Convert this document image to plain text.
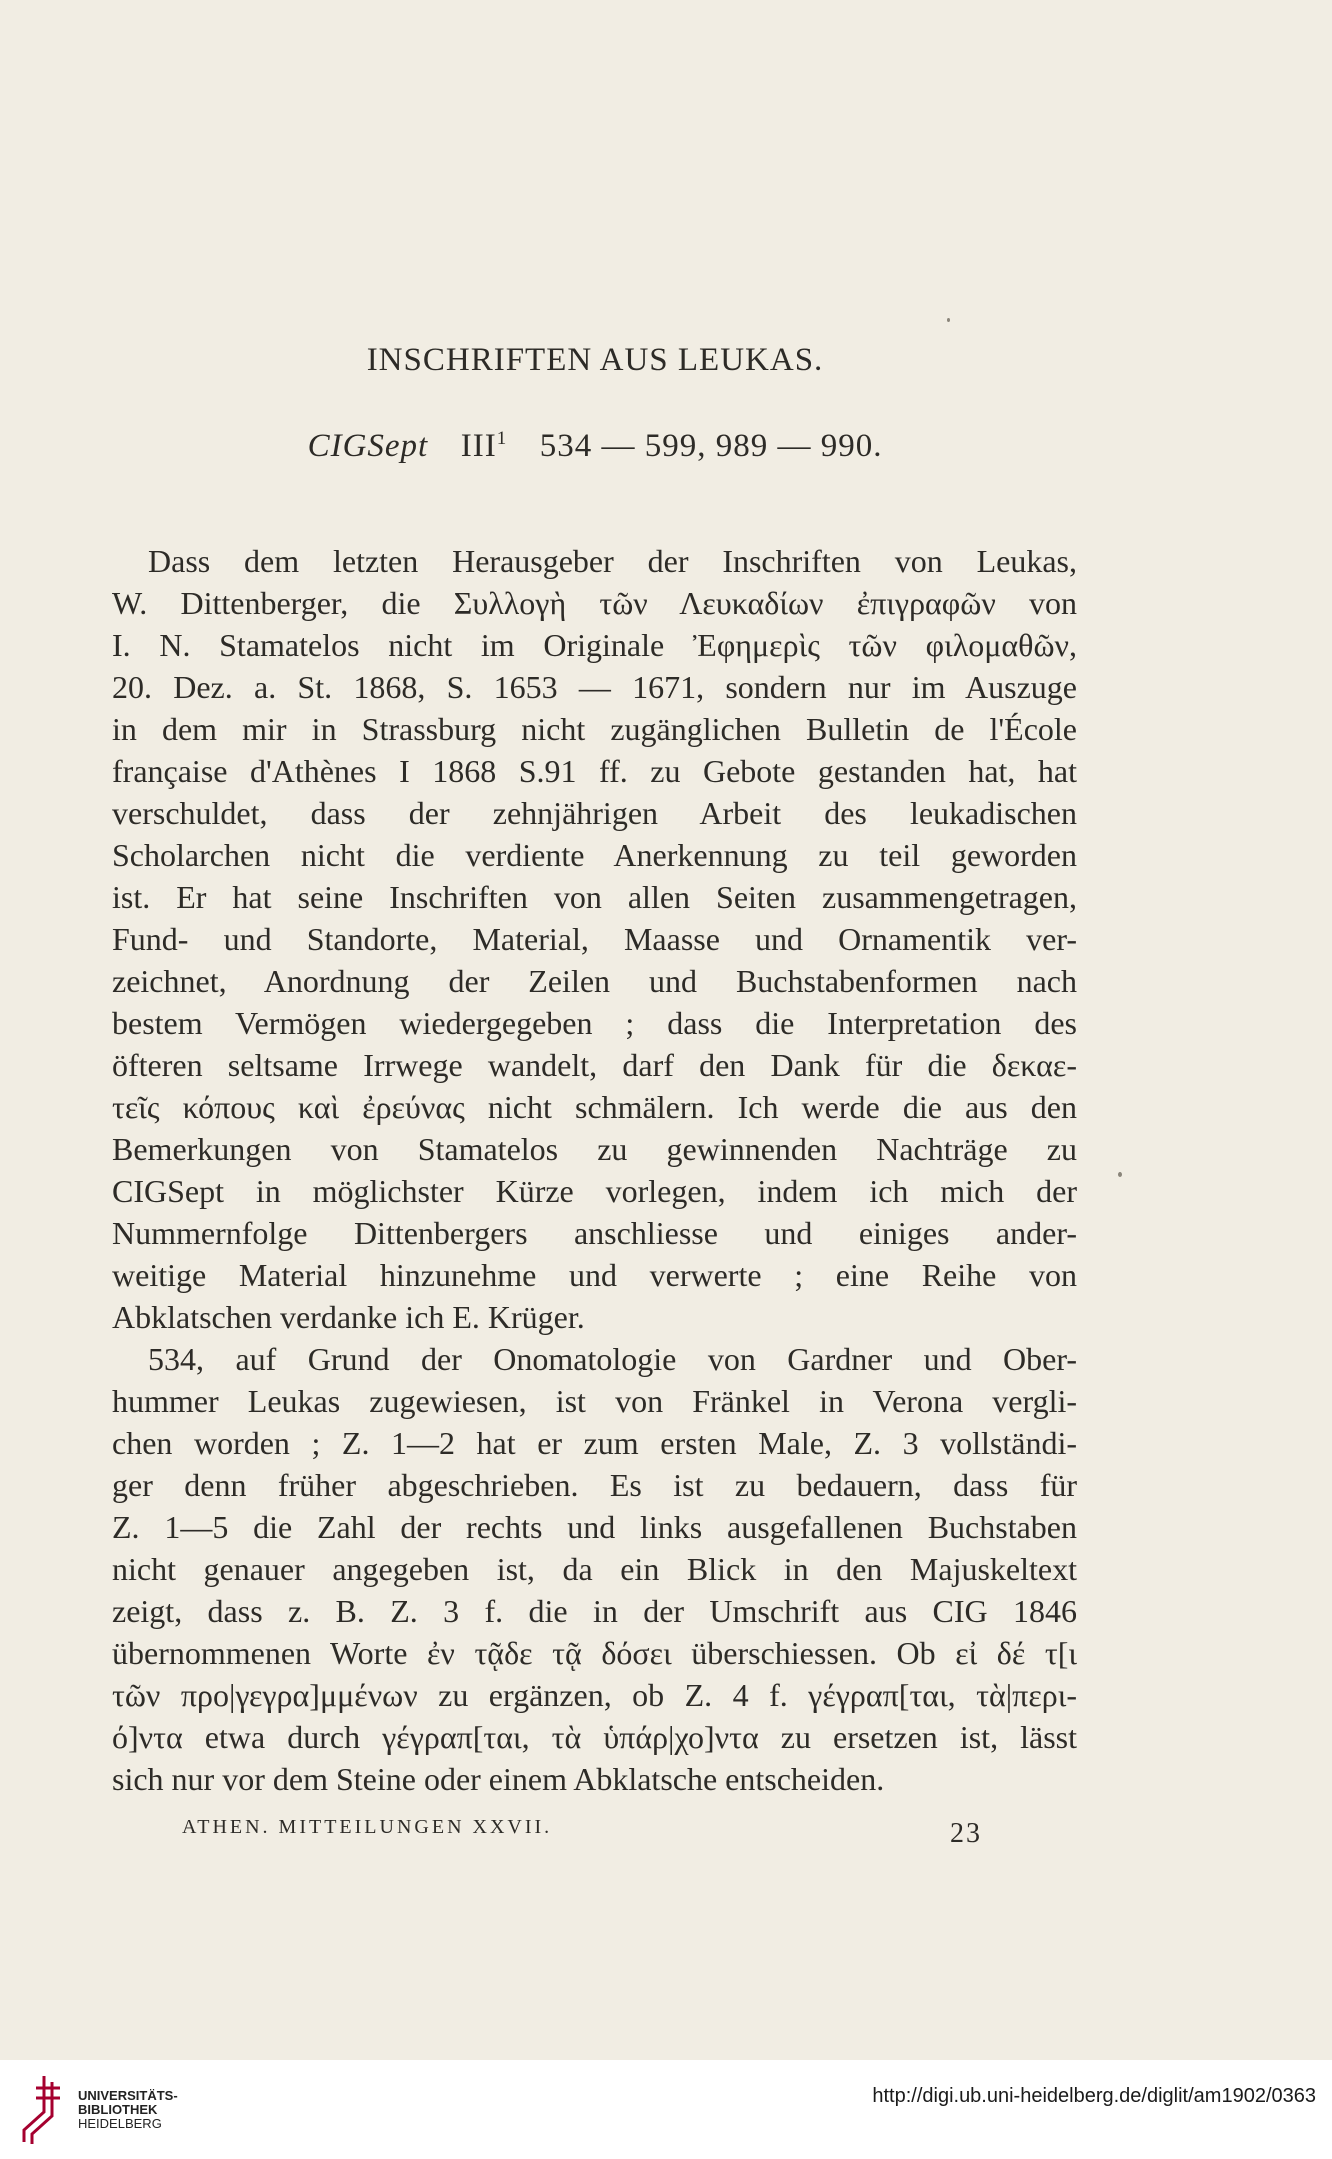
INSCHRIFTEN AUS LEUKAS.
CIGSept III$^1$ 534 — 599, 989 — 990.
Dass dem letzten Herausgeber der Inschriften von Leukas,
W. Dittenberger, die Συλλογὴ τῶν Λευκαδίων ἐπιγραφῶν von
I. N. Stamatelos nicht im Originale Ἐφημερὶς τῶν φιλομαθῶν,
20. Dez. a. St. 1868, S. 1653 — 1671, sondern nur im Auszuge
in dem mir in Strassburg nicht zugänglichen Bulletin de l'École
française d'Athènes I 1868 S.91 ff. zu Gebote gestanden hat, hat
verschuldet, dass der zehnjährigen Arbeit des leukadischen
Scholarchen nicht die verdiente Anerkennung zu teil geworden
ist. Er hat seine Inschriften von allen Seiten zusammengetragen,
Fund- und Standorte, Material, Maasse und Ornamentik ver-
zeichnet, Anordnung der Zeilen und Buchstabenformen nach
bestem Vermögen wiedergegeben ; dass die Interpretation des
öfteren seltsame Irrwege wandelt, darf den Dank für die δεκαε-
τεῖς κόπους καὶ ἐρεύνας nicht schmälern. Ich werde die aus den
Bemerkungen von Stamatelos zu gewinnenden Nachträge zu
CIGSept in möglichster Kürze vorlegen, indem ich mich der
Nummernfolge Dittenbergers anschliesse und einiges ander-
weitige Material hinzunehme und verwerte ; eine Reihe von
Abklatschen verdanke ich E. Krüger.
534, auf Grund der Onomatologie von Gardner und Ober-
hummer Leukas zugewiesen, ist von Fränkel in Verona vergli-
chen worden ; Z. 1—2 hat er zum ersten Male, Z. 3 vollständi-
ger denn früher abgeschrieben. Es ist zu bedauern, dass für
Z. 1—5 die Zahl der rechts und links ausgefallenen Buchstaben
nicht genauer angegeben ist, da ein Blick in den Majuskeltext
zeigt, dass z. B. Z. 3 f. die in der Umschrift aus CIG 1846
übernommenen Worte ἐν τᾷδε τᾷ δόσει überschiessen. Ob εἰ δέ τ[ι
τῶν προ|γεγρα]μμένων zu ergänzen, ob Z. 4 f. γέγραπ[ται, τὰ|περι-
ό]ντα etwa durch γέγραπ[ται, τὰ ὑπάρ|χο]ντα zu ersetzen ist, lässt
sich nur vor dem Steine oder einem Abklatsche entscheiden.
ATHEN. MITTEILUNGEN XXVII.	23
UNIVERSITÄTS-
BIBLIOTHEK
HEIDELBERG
http://digi.ub.uni-heidelberg.de/diglit/am1902/0363
